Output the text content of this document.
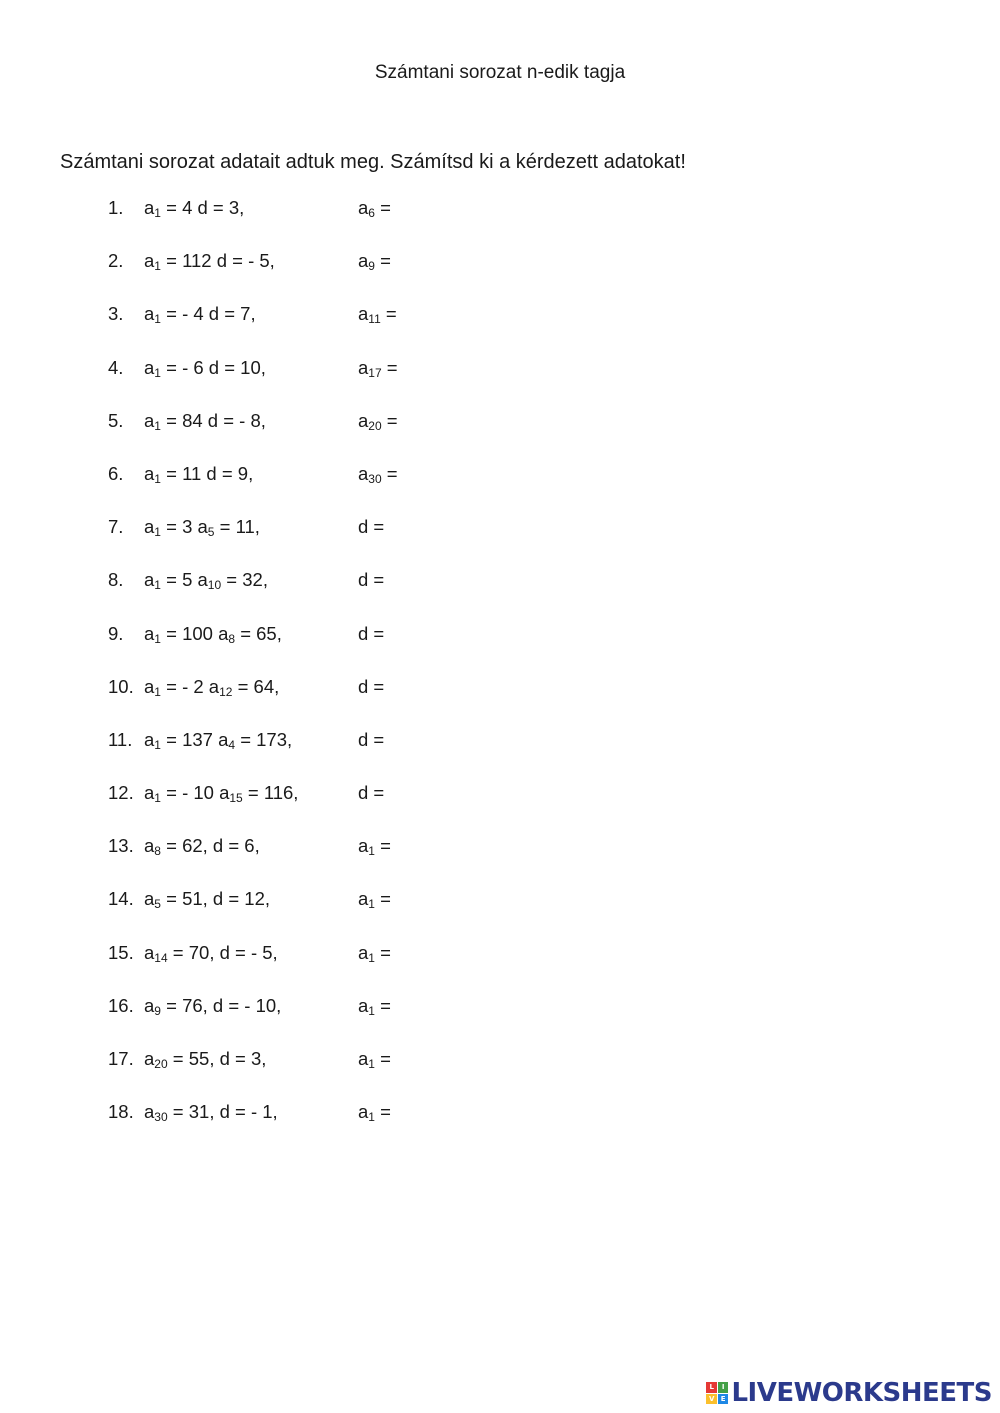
Számtani sorozat n-edik tagja
Számtani sorozat adatait adtuk meg. Számítsd ki a kérdezett adatokat!
1. $a_1 = 4$ d = 3,	$a_6$ =
2. $a_1 = 112$ d = - 5,	$a_9$ =
3. $a_1$ = - 4 d = 7,	$a_{11}$ =
4. $a_1$ = - 6 d = 10,	$a_{17}$ =
5. $a_1 = 84$ d = - 8,	$a_{20}$ =
6. $a_1 = 11$ d = 9,	$a_{30}$ =
7. $a_1 = 3$ $a_5 = 11$,	d =
8. $a_1 = 5$ $a_{10} = 32$,	d =
9. $a_1 = 100$ $a_8 = 65$,	d =
10. $a_1$ = - 2 $a_{12} = 64$,	d =
11. $a_1 = 137$ $a_4 = 173$,	d =
12. $a_1$ = - 10 $a_{15} = 116$,	d =
13. $a_8 = 62$, d = 6,	$a_1$ =
14. $a_5 = 51$, d = 12,	$a_1$ =
15. $a_{14} = 70$, d = - 5,	$a_1$ =
16. $a_9 = 76$, d = - 10,	$a_1$ =
17. $a_{20} = 55$, d = 3,	$a_1$ =
18. $a_{30} = 31$, d = - 1,	$a_1$ =
L	I
V E LIVEWORKSHEETS
